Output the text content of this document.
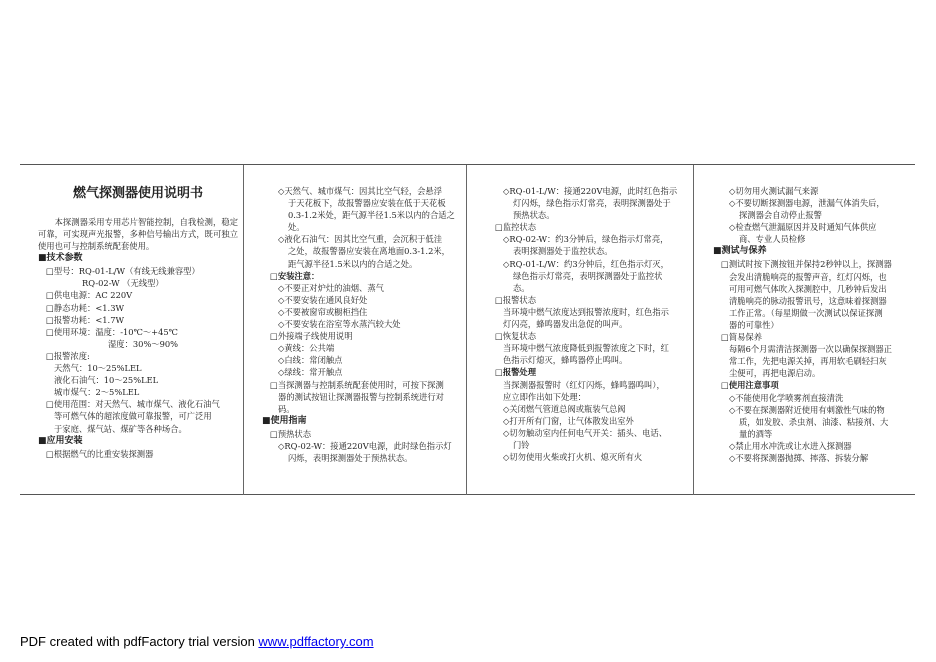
燃气探测器使用说明书
本探测器采用专用芯片智能控制，自我检测，稳定可靠，可实现声光报警，多种信号输出方式，既可独立使用也可与控制系统配套使用。
■技术参数
□型号：RQ-01-L/W（有线无线兼容型）
RQ-02-W （无线型）
□供电电源：AC 220V
□静态功耗：<1.3W
□报警功耗：<1.7W
□使用环境：温度：-10℃～+45℃
湿度：30%～90%
□报警浓度:
天然气：10～25%LEL
液化石油气：10～25%LEL
城市煤气：2～5%LEL
□使用范围：对天然气、城市煤气、液化石油气
等可燃气体的超浓度做可靠报警，可广泛用
于家庭、煤气站、煤矿等各种场合。
■应用安装
□根据燃气的比重安装探测器
◇天然气、城市煤气：因其比空气轻，会悬浮
于天花板下，故报警器应安装在低于天花板
0.3-1.2米处，距气源半径1.5米以内的合适之
处。
◇液化石油气：因其比空气重，会沉积于低洼
之处，故报警器应安装在离地面0.3-1.2米，
距气源半径1.5米以内的合适之处。
□安装注意：
◇不要正对炉灶的油烟、蒸气
◇不要安装在通风良好处
◇不要被窗帘或橱柜挡住
◇不要安装在浴室等水蒸汽较大处
□外接端子线使用说明
◇黄线：公共端
◇白线：常闭触点
◇绿线：常开触点
□当探测器与控制系统配套使用时，可按下探测
器的测试按钮让探测器报警与控制系统进行对
码。
■使用指南
□预热状态
◇RQ-02-W：接通220V电源，此时绿色指示灯
闪烁，表明探测器处于预热状态。
◇RQ-01-L/W：接通220V电源，此时红色指示
灯闪烁，绿色指示灯常亮，表明探测器处于
预热状态。
□监控状态
◇RQ-02-W：约3分钟后，绿色指示灯常亮，
表明探测器处于监控状态。
◇RQ-01-L/W：约3分钟后，红色指示灯灭，
绿色指示灯常亮，表明探测器处于监控状
态。
□报警状态
当环境中燃气浓度达到报警浓度时，红色指示
灯闪亮，蜂鸣器发出急促的叫声。
□恢复状态
当环境中燃气浓度降低到报警浓度之下时，红
色指示灯熄灭，蜂鸣器停止鸣叫。
□报警处理
当探测器报警时（红灯闪烁，蜂鸣器鸣叫），
应立即作出如下处理：
◇关闭燃气管道总阀或瓶装气总阀
◇打开所有门窗，让气体散发出室外
◇切勿触动室内任何电气开关：插头、电话、
门铃
◇切勿使用火柴或打火机、熄灭所有火
◇切勿用火测试漏气来源
◇不要切断探测器电源，泄漏气体消失后，
探测器会自动停止报警
◇检查燃气泄漏原因并及时通知气体供应
商、专业人员检修
■测试与保养
□测试时按下测按钮并保持2秒钟以上，探测器
会发出清脆响亮的报警声音，红灯闪烁，也
可用可燃气体吹入探测腔中，几秒钟后发出
清脆响亮的脉动报警讯号，这意味着探测器
工作正常。（每星期做一次测试以保证探测
器的可靠性）
□简易保养
每隔6个月需清洁探测器一次以确保探测器正
常工作，先把电源关掉，再用软毛刷轻扫灰
尘便可，再把电源启动。
□使用注意事项
◇不能使用化学喷雾剂直接清洗
◇不要在探测器附近使用有刺激性气味的物
质，如发胶、杀虫剂、油漆、粘接剂、大
量的酒等
◇禁止用水冲洗或让水进入探测器
◇不要将探测器抛掷、摔落、拆装分解
PDF created with pdfFactory trial version www.pdffactory.com
